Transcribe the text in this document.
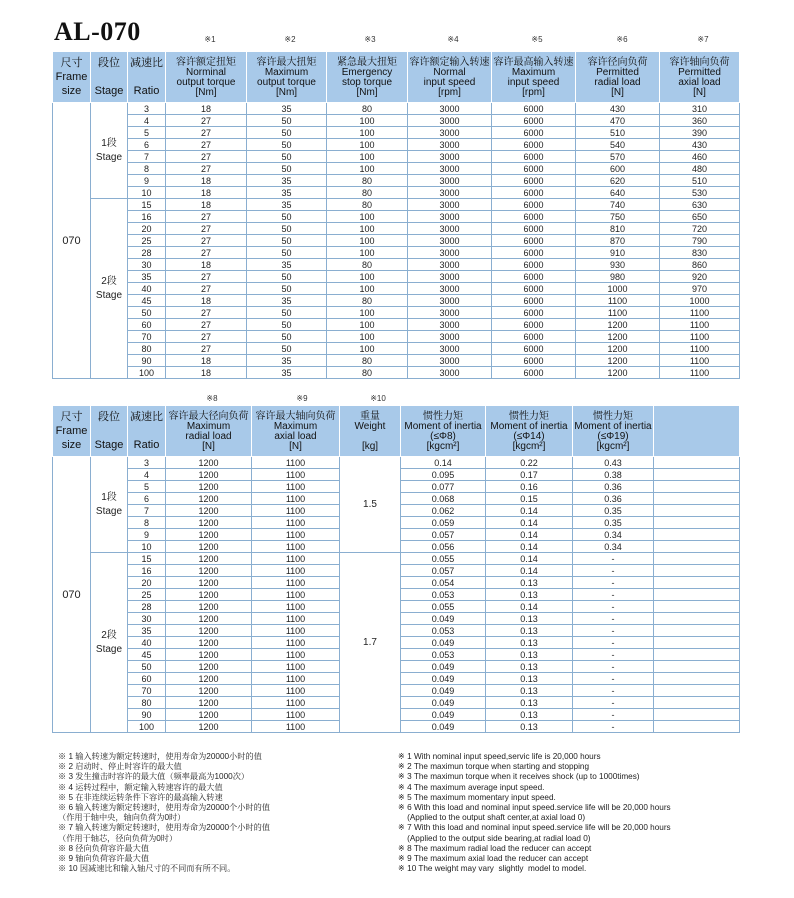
AL-070	※1	※2	※3	※4	※5	※6	※7
尺寸
Frame
size	段位

Stage	减速比

Ratio	容许额定扭矩
Norminal
output torque
[Nm]	容许最大扭矩
Maximum
output torque
[Nm]	紧急最大扭矩
Emergency
stop torque
[Nm]	容许额定输入转速
Normal
input speed
[rpm]	容许最高输入转速
Maximum
input speed
[rpm]	容许径向负荷
Permitted
radial load
[N]	容许轴向负荷
Permitted
axial load
[N]

070	1段
Stage	3	18	35	80	3000	6000	430	310
		4	27	50	100	3000	6000	470	360
		5	27	50	100	3000	6000	510	390
		6	27	50	100	3000	6000	540	430
		7	27	50	100	3000	6000	570	460
		8	27	50	100	3000	6000	600	480
		9	18	35	80	3000	6000	620	510
		10	18	35	80	3000	6000	640	530
	2段
Stage	15	18	35	80	3000	6000	740	630
		16	27	50	100	3000	6000	750	650
		20	27	50	100	3000	6000	810	720
		25	27	50	100	3000	6000	870	790
		28	27	50	100	3000	6000	910	830
		30	18	35	80	3000	6000	930	860
		35	27	50	100	3000	6000	980	920
		40	27	50	100	3000	6000	1000	970
		45	18	35	80	3000	6000	1100	1000
		50	27	50	100	3000	6000	1100	1100
		60	27	50	100	3000	6000	1200	1100
		70	27	50	100	3000	6000	1200	1100
		80	27	50	100	3000	6000	1200	1100
		90	18	35	80	3000	6000	1200	1100
		100	18	35	80	3000	6000	1200	1100
※8	※9	※10
尺寸
Frame
size	段位

Stage	减速比

Ratio	容许最大径向负荷
Maximum
radial load
[N]	容许最大轴向负荷
Maximum
axial load
[N]	重量
Weight

[kg]	惯性力矩
Moment of inertia
(≤Φ8)
[kgcm²]	惯性力矩
Moment of inertia
(≤Φ14)
[kgcm²]	惯性力矩
Moment of inertia
(≤Φ19)
[kgcm²]	

070	1段
Stage	3	1200	1100	1.5	0.14	0.22	0.43	
		4	1200	1100		0.095	0.17	0.38	
		5	1200	1100		0.077	0.16	0.36	
		6	1200	1100		0.068	0.15	0.36	
		7	1200	1100		0.062	0.14	0.35	
		8	1200	1100		0.059	0.14	0.35	
		9	1200	1100		0.057	0.14	0.34	
		10	1200	1100		0.056	0.14	0.34	
	2段
Stage	15	1200	1100	1.7	0.055	0.14	-	
		16	1200	1100		0.057	0.14	-	
		20	1200	1100		0.054	0.13	-	
		25	1200	1100		0.053	0.13	-	
		28	1200	1100		0.055	0.14	-	
		30	1200	1100		0.049	0.13	-	
		35	1200	1100		0.053	0.13	-	
		40	1200	1100		0.049	0.13	-	
		45	1200	1100		0.053	0.13	-	
		50	1200	1100		0.049	0.13	-	
		60	1200	1100		0.049	0.13	-	
		70	1200	1100		0.049	0.13	-	
		80	1200	1100		0.049	0.13	-	
		90	1200	1100		0.049	0.13	-	
		100	1200	1100		0.049	0.13	-	
※ 1 输入转速为额定转速时，使用寿命为20000小时的值
※ 2 启动时、停止时容许的最大值
※ 3 发生撞击时容许的最大值（频率最高为1000次）
※ 4 运转过程中，额定输入转速容许的最大值
※ 5 在非连续运转条件下容许的最高输入转速
※ 6 输入转速为额定转速时，使用寿命为20000个小时的值
（作用于轴中央，轴向负荷为0时）
※ 7 输入转速为额定转速时，使用寿命为20000个小时的值
（作用于轴芯，径向负荷为0时）
※ 8 径向负荷容许最大值
※ 9 轴向负荷容许最大值
※ 10 因减速比和输入轴尺寸的不同而有所不同。
※ 1 With nominal input speed,servic life is 20,000 hours
※ 2 The maximun torque when starting and stopping
※ 3 The maximun torque when it receives shock (up to 1000times)
※ 4 The maximum average input speed.
※ 5 The maximum momentary input speed.
※ 6 With this load and nominal input speed.service life will be 20,000 hours
(Applied to the output shaft center,at axial load 0)
※ 7 With this load and nominal input speed.service life will be 20,000 hours
(Applied to the output side bearing,at radial load 0)
※ 8 The maximum radial load the reducer can accept
※ 9 The maximum axial load the reducer can accept
※ 10 The weight may vary  slightly  model to model.
